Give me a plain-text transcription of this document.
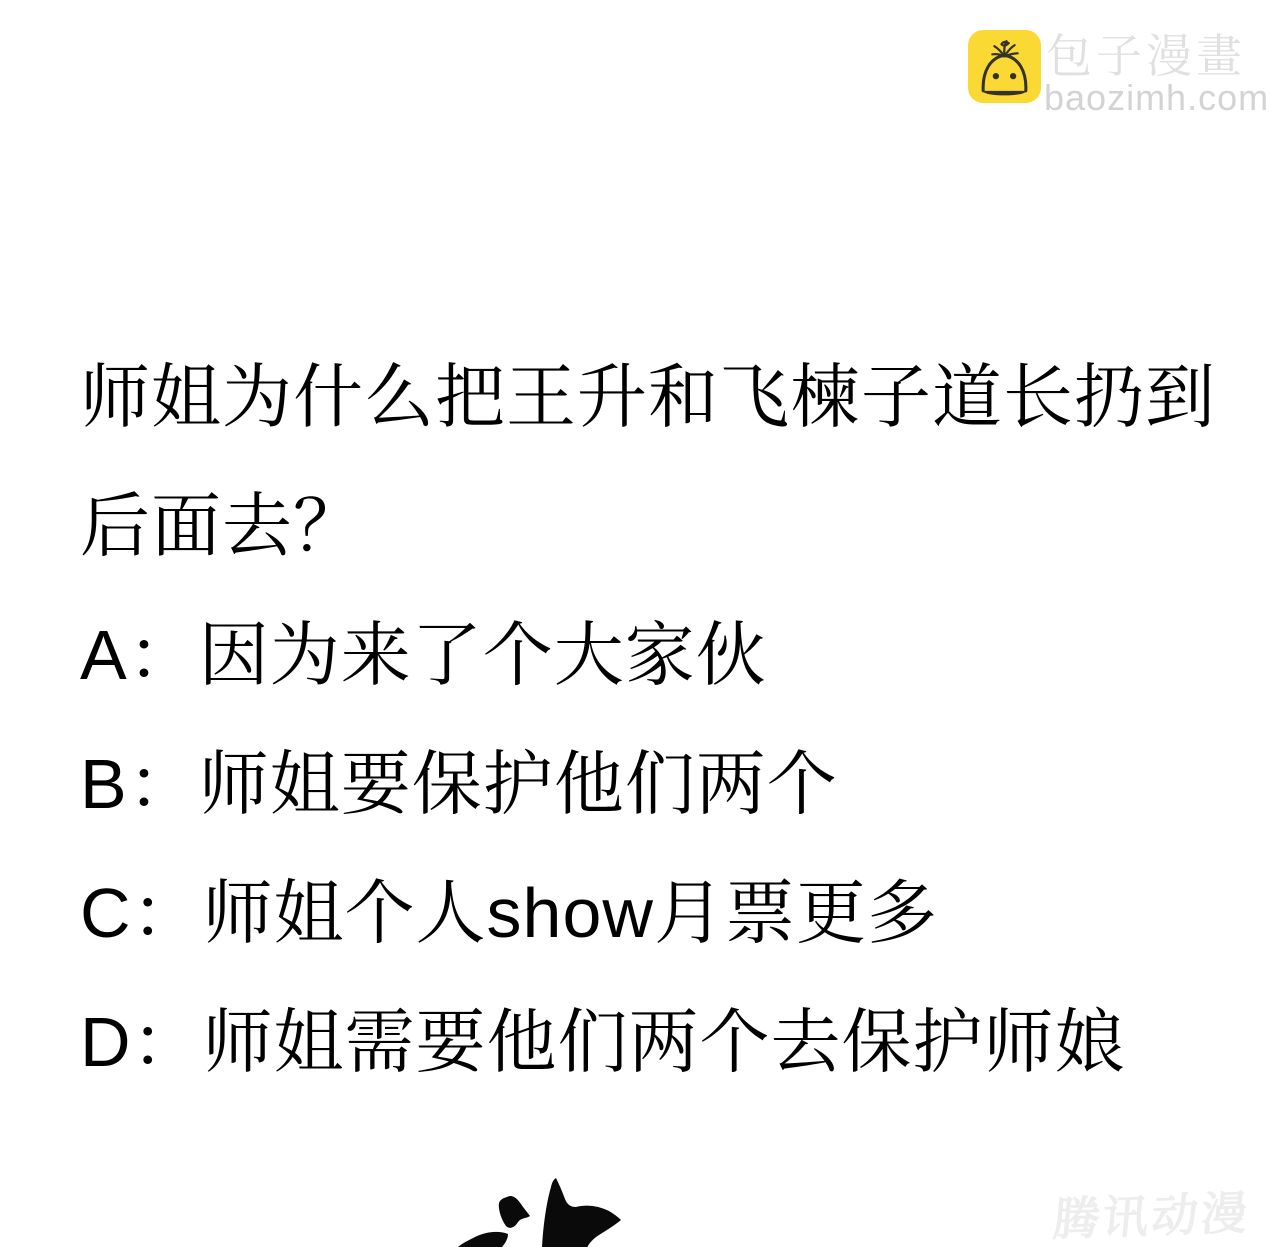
包子漫畫
baozimh.com
师姐为什么把王升和飞楝子道长扔到
后面去？
A：因为来了个大家伙
B：师姐要保护他们两个
C：师姐个人show月票更多
D：师姐需要他们两个去保护师娘
腾讯动漫
